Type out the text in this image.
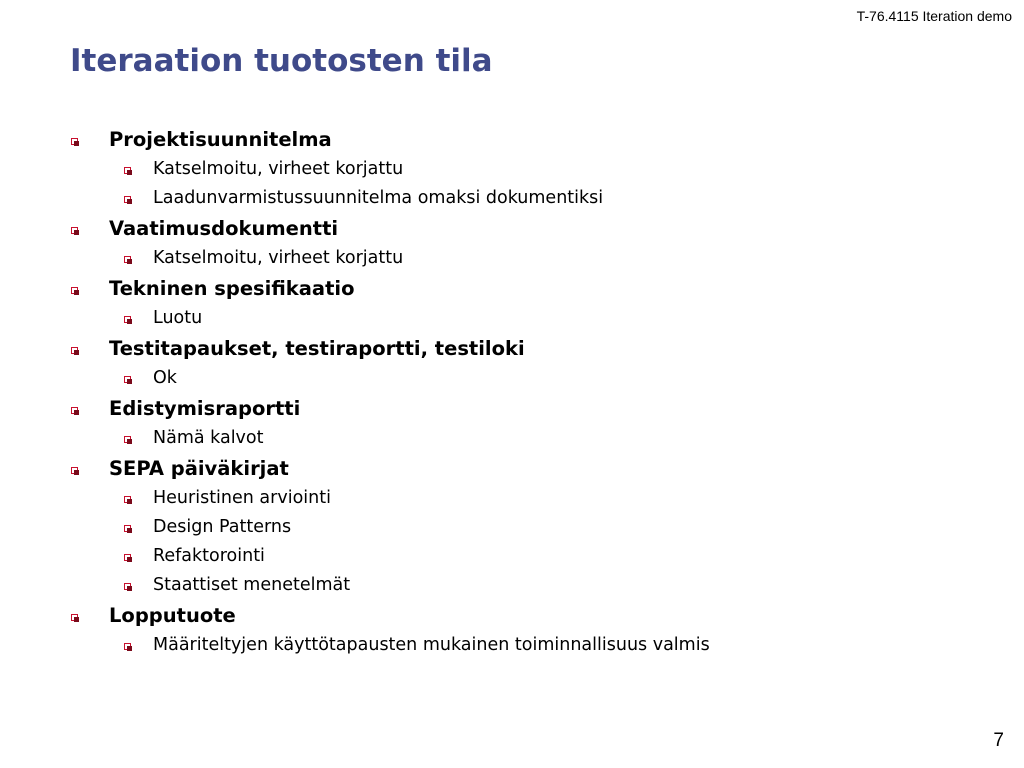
T-76.4115 Iteration demo
Iteraation tuotosten tila
Projektisuunnitelma
Katselmoitu, virheet korjattu
Laadunvarmistussuunnitelma omaksi dokumentiksi
Vaatimusdokumentti
Katselmoitu, virheet korjattu
Tekninen spesifikaatio
Luotu
Testitapaukset, testiraportti, testiloki
Ok
Edistymisraportti
Nämä kalvot
SEPA päiväkirjat
Heuristinen arviointi
Design Patterns
Refaktorointi
Staattiset menetelmät
Lopputuote
Määriteltyjen käyttötapausten mukainen toiminnallisuus valmis
7
